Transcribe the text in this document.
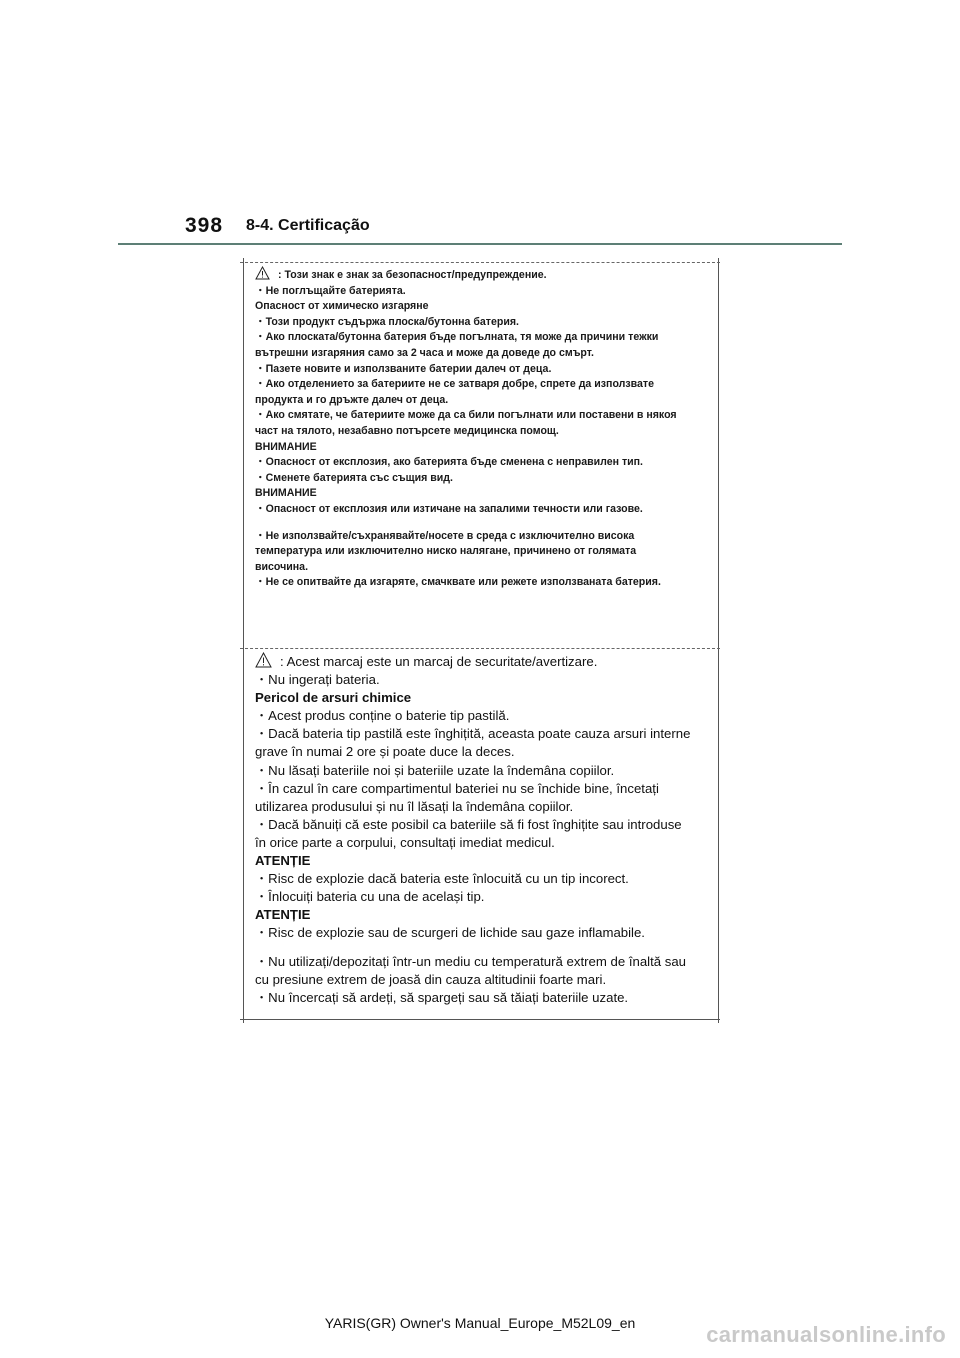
398 8-4. Certificação
: Този знак е знак за безопасност/предупреждение.
・Не поглъщайте батерията.
Опасност от химическо изгаряне
・Този продукт съдържа плоска/бутонна батерия.
・Ако плоската/бутонна батерия бъде погълната, тя може да причини тежки
вътрешни изгаряния само за 2 часа и може да доведе до смърт.
・Пазете новите и използваните батерии далеч от деца.
・Ако отделението за батериите не се затваря добре, спрете да използвате
продукта и го дръжте далеч от деца.
・Ако смятате, че батериите може да са били погълнати или поставени в някоя
част на тялото, незабавно потърсете медицинска помощ.
ВНИМАНИЕ
・Опасност от експлозия, ако батерията бъде сменена с неправилен тип.
・Сменете батерията със същия вид.
ВНИМАНИЕ
・Опасност от експлозия или изтичане на запалими течности или газове.
・Не използвайте/съхранявайте/носете в среда с изключително висока
температура или изключително ниско налягане, причинено от голямата
височина.
・Не се опитвайте да изгаряте, смачквате или режете използваната батерия.
: Acest marcaj este un marcaj de securitate/avertizare.
・Nu ingerați bateria.
Pericol de arsuri chimice
・Acest produs conține o baterie tip pastilă.
・Dacă bateria tip pastilă este înghițită, aceasta poate cauza arsuri interne
grave în numai 2 ore și poate duce la deces.
・Nu lăsați bateriile noi și bateriile uzate la îndemâna copiilor.
・În cazul în care compartimentul bateriei nu se închide bine, încetați
utilizarea produsului și nu îl lăsați la îndemâna copiilor.
・Dacă bănuiți că este posibil ca bateriile să fi fost înghițite sau introduse
în orice parte a corpului, consultați imediat medicul.
ATENȚIE
・Risc de explozie dacă bateria este înlocuită cu un tip incorect.
・Înlocuiți bateria cu una de același tip.
ATENȚIE
・Risc de explozie sau de scurgeri de lichide sau gaze inflamabile.
・Nu utilizați/depozitați într-un mediu cu temperatură extrem de înaltă sau
cu presiune extrem de joasă din cauza altitudinii foarte mari.
・Nu încercați să ardeți, să spargeți sau să tăiați bateriile uzate.
YARIS(GR) Owner's Manual_Europe_M52L09_en	carmanualsonline.info
